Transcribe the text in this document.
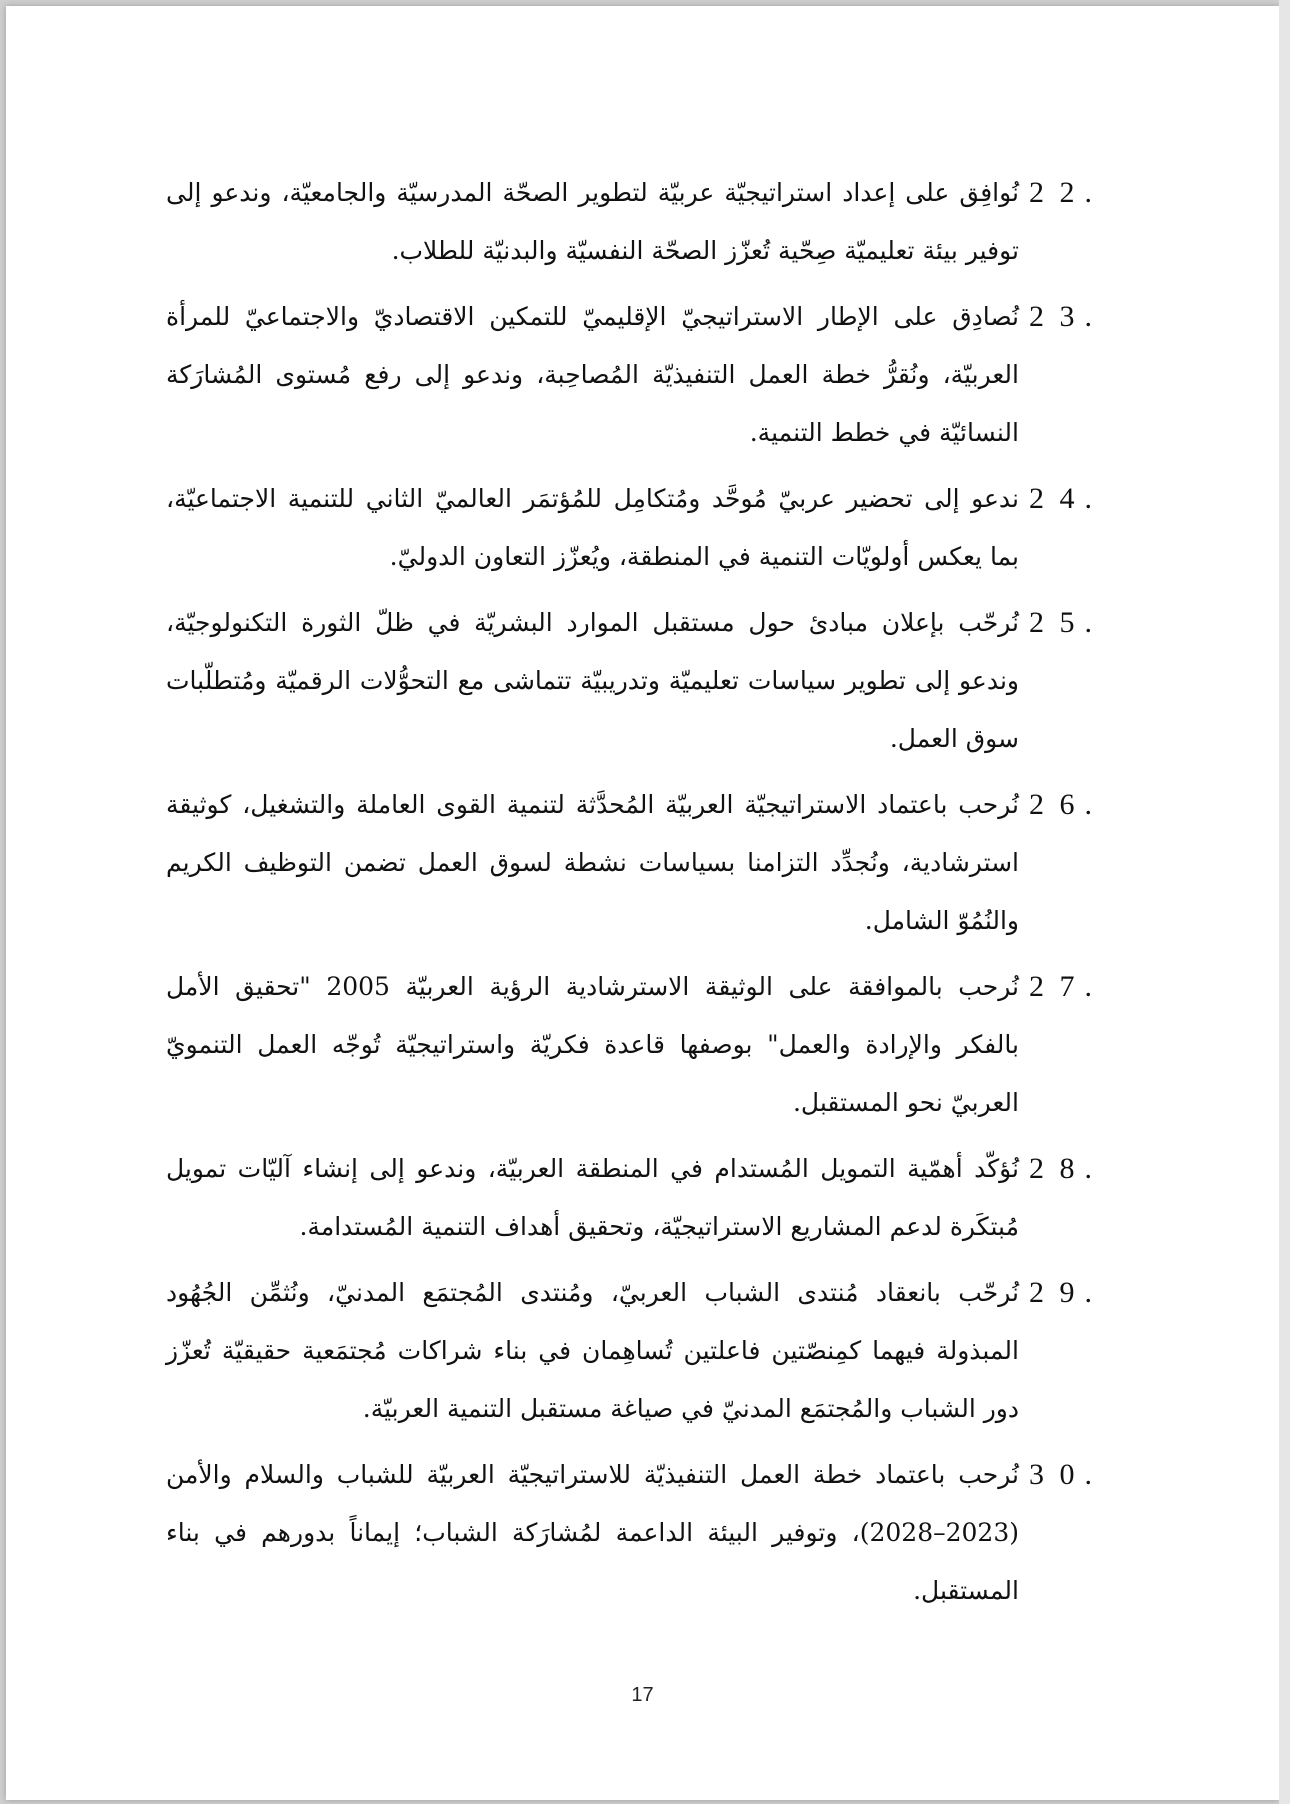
2 2 .
نُوافِق على إعداد استراتيجيّة عربيّة لتطوير الصحّة المدرسيّة والجامعيّة، وندعو إلى توفير بيئة تعليميّة صِحّية تُعزّز الصحّة النفسيّة والبدنيّة للطلاب.
2 3 .
نُصادِق على الإطار الاستراتيجيّ الإقليميّ للتمكين الاقتصاديّ والاجتماعيّ للمرأة العربيّة، ونُقرُّ خطة العمل التنفيذيّة المُصاحِبة، وندعو إلى رفع مُستوى المُشارَكة النسائيّة في خطط التنمية.
2 4 .
ندعو إلى تحضير عربيّ مُوحَّد ومُتكامِل للمُؤتمَر العالميّ الثاني للتنمية الاجتماعيّة، بما يعكس أولويّات التنمية في المنطقة، ويُعزّز التعاون الدوليّ.
2 5 .
نُرحّب بإعلان مبادئ حول مستقبل الموارد البشريّة في ظلّ الثورة التكنولوجيّة، وندعو إلى تطوير سياسات تعليميّة وتدريبيّة تتماشى مع التحوُّلات الرقميّة ومُتطلّبات سوق العمل.
2 6 .
نُرحب باعتماد الاستراتيجيّة العربيّة المُحدَّثة لتنمية القوى العاملة والتشغيل، كوثيقة استرشادية، ونُجدِّد التزامنا بسياسات نشطة لسوق العمل تضمن التوظيف الكريم والنُمُوّ الشامل.
2 7 .
نُرحب بالموافقة على الوثيقة الاسترشادية الرؤية العربيّة 2005 "تحقيق الأمل بالفكر والإرادة والعمل" بوصفها قاعدة فكريّة واستراتيجيّة تُوجّه العمل التنمويّ العربيّ نحو المستقبل.
2 8 .
نُؤكّد أهمّية التمويل المُستدام في المنطقة العربيّة، وندعو إلى إنشاء آليّات تمويل مُبتكَرة لدعم المشاريع الاستراتيجيّة، وتحقيق أهداف التنمية المُستدامة.
2 9 .
نُرحّب بانعقاد مُنتدى الشباب العربيّ، ومُنتدى المُجتمَع المدنيّ، ونُثمِّن الجُهُود المبذولة فيهما كمِنصّتين فاعلتين تُساهِمان في بناء شراكات مُجتمَعية حقيقيّة تُعزّز دور الشباب والمُجتمَع المدنيّ في صياغة مستقبل التنمية العربيّة.
3 0 .
نُرحب باعتماد خطة العمل التنفيذيّة للاستراتيجيّة العربيّة للشباب والسلام والأمن (2023–2028)، وتوفير البيئة الداعمة لمُشارَكة الشباب؛ إيماناً بدورهم في بناء المستقبل.
17
